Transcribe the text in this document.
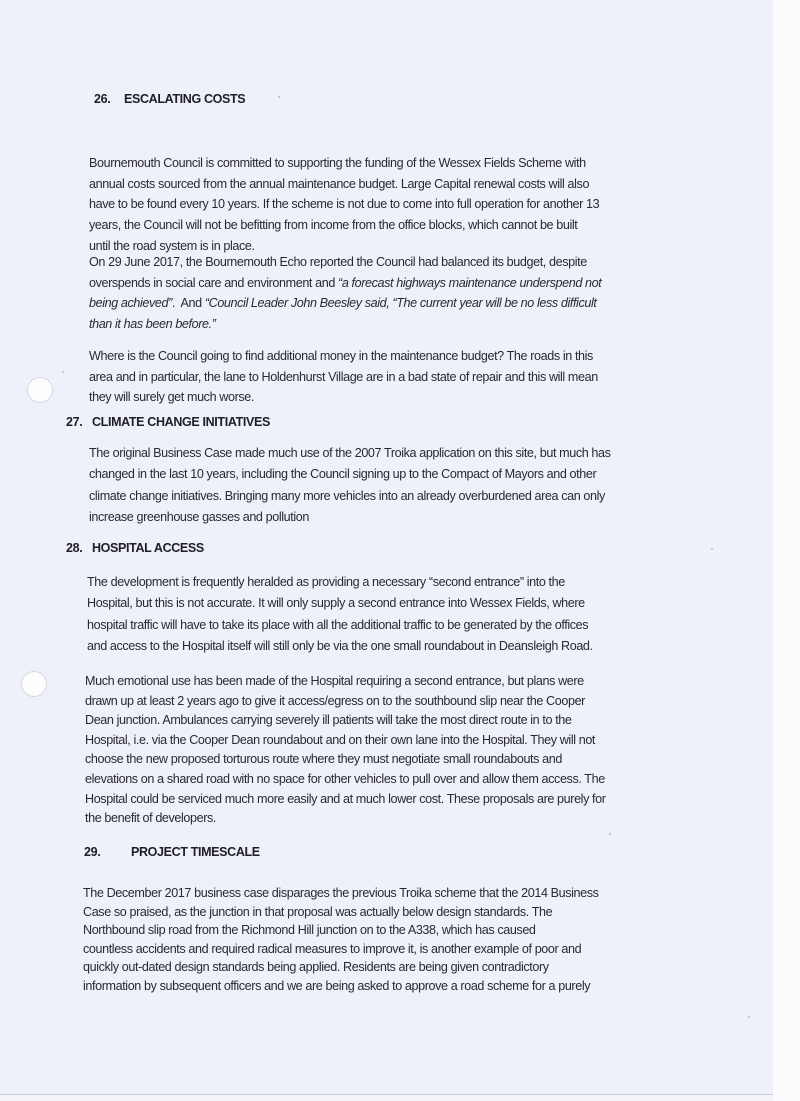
26. ESCALATING COSTS
Bournemouth Council is committed to supporting the funding of the Wessex Fields Scheme with
annual costs sourced from the annual maintenance budget. Large Capital renewal costs will also
have to be found every 10 years. If the scheme is not due to come into full operation for another 13
years, the Council will not be befitting from income from the office blocks, which cannot be built
until the road system is in place.
On 29 June 2017, the Bournemouth Echo reported the Council had balanced its budget, despite
overspends in social care and environment and “a forecast highways maintenance underspend not
being achieved”.  And “Council Leader John Beesley said, “The current year will be no less difficult
than it has been before.”
Where is the Council going to find additional money in the maintenance budget? The roads in this
area and in particular, the lane to Holdenhurst Village are in a bad state of repair and this will mean
they will surely get much worse.
27. CLIMATE CHANGE INITIATIVES
The original Business Case made much use of the 2007 Troika application on this site, but much has
changed in the last 10 years, including the Council signing up to the Compact of Mayors and other
climate change initiatives. Bringing many more vehicles into an already overburdened area can only
increase greenhouse gasses and pollution
28. HOSPITAL ACCESS
The development is frequently heralded as providing a necessary “second entrance” into the
Hospital, but this is not accurate. It will only supply a second entrance into Wessex Fields, where
hospital traffic will have to take its place with all the additional traffic to be generated by the offices
and access to the Hospital itself will still only be via the one small roundabout in Deansleigh Road.
Much emotional use has been made of the Hospital requiring a second entrance, but plans were
drawn up at least 2 years ago to give it access/egress on to the southbound slip near the Cooper
Dean junction. Ambulances carrying severely ill patients will take the most direct route in to the
Hospital, i.e. via the Cooper Dean roundabout and on their own lane into the Hospital. They will not
choose the new proposed torturous route where they must negotiate small roundabouts and
elevations on a shared road with no space for other vehicles to pull over and allow them access. The
Hospital could be serviced much more easily and at much lower cost. These proposals are purely for
the benefit of developers.
29. PROJECT TIMESCALE
The December 2017 business case disparages the previous Troika scheme that the 2014 Business
Case so praised, as the junction in that proposal was actually below design standards. The
Northbound slip road from the Richmond Hill junction on to the A338, which has caused
countless accidents and required radical measures to improve it, is another example of poor and
quickly out-dated design standards being applied. Residents are being given contradictory
information by subsequent officers and we are being asked to approve a road scheme for a purely
